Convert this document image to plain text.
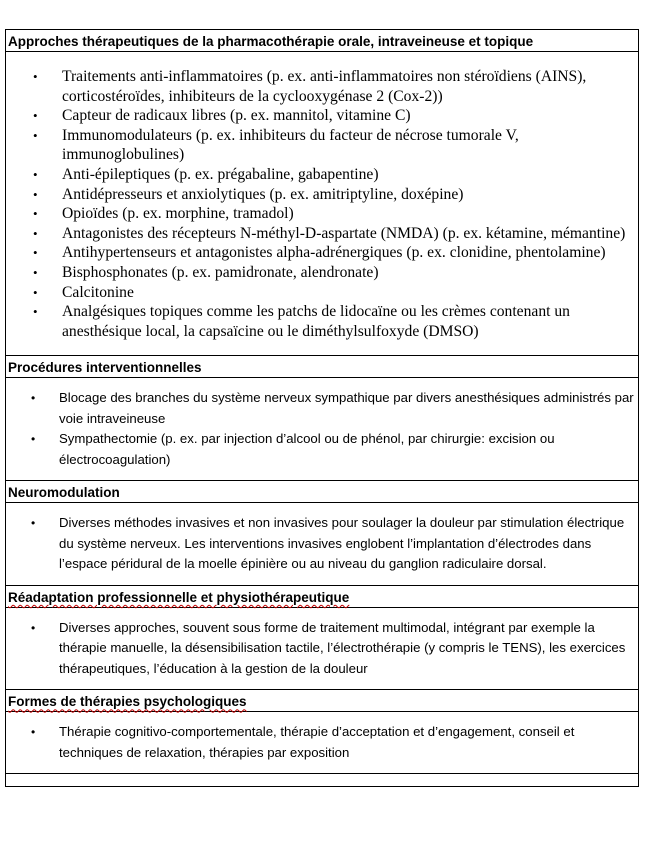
Approches thérapeutiques de la pharmacothérapie orale, intraveineuse et topique

• Traitements anti-inflammatoires (p. ex. anti-inflammatoires non stéroïdiens (AINS), corticostéroïdes, inhibiteurs de la cyclooxygénase 2 (Cox-2))
• Capteur de radicaux libres (p. ex. mannitol, vitamine C)
• Immunomodulateurs (p. ex. inhibiteurs du facteur de nécrose tumorale V, immunoglobulines)
• Anti-épileptiques (p. ex. prégabaline, gabapentine)
• Antidépresseurs et anxiolytiques (p. ex. amitriptyline, doxépine)
• Opioïdes (p. ex. morphine, tramadol)
• Antagonistes des récepteurs N-méthyl-D-aspartate (NMDA) (p. ex. kétamine, mémantine)
• Antihypertenseurs et antagonistes alpha-adrénergiques (p. ex. clonidine, phentolamine)
• Bisphosphonates (p. ex. pamidronate, alendronate)
• Calcitonine
• Analgésiques topiques comme les patchs de lidocaïne ou les crèmes contenant un anesthésique local, la capsaïcine ou le diméthylsulfoxyde (DMSO)

Procédures interventionnelles

• Blocage des branches du système nerveux sympathique par divers anesthésiques administrés par voie intraveineuse
• Sympathectomie (p. ex. par injection d’alcool ou de phénol, par chirurgie: excision ou électrocoagulation)

Neuromodulation

• Diverses méthodes invasives et non invasives pour soulager la douleur par stimulation électrique du système nerveux. Les interventions invasives englobent l’implantation d’électrodes dans l’espace péridural de la moelle épinière ou au niveau du ganglion radiculaire dorsal.

Réadaptation professionnelle et physiothérapeutique

• Diverses approches, souvent sous forme de traitement multimodal, intégrant par exemple la thérapie manuelle, la désensibilisation tactile, l’électrothérapie (y compris le TENS), les exercices thérapeutiques, l’éducation à la gestion de la douleur

Formes de thérapies psychologiques

• Thérapie cognitivo-comportementale, thérapie d’acceptation et d’engagement, conseil et techniques de relaxation, thérapies par exposition
